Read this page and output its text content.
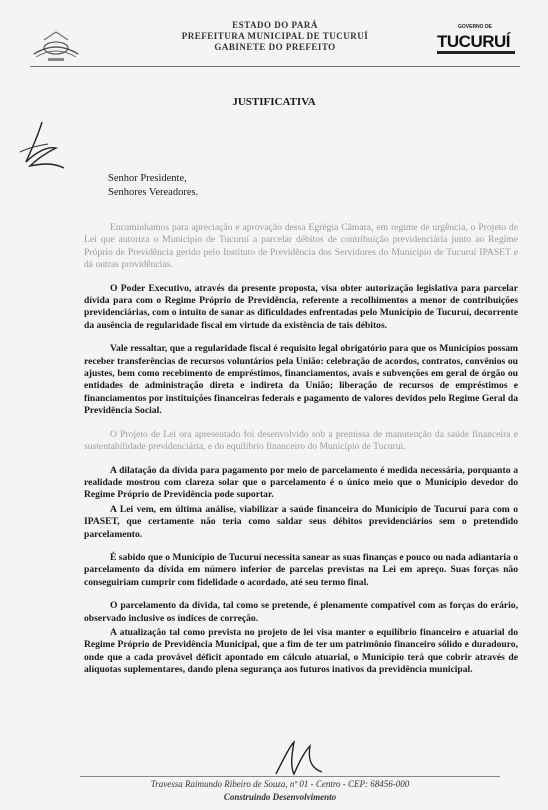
ESTADO DO PARÁ
PREFEITURA MUNICIPAL DE TUCURUÍ
GABINETE DO PREFEITO
GOVERNO DE
TUCURUÍ
JUSTIFICATIVA
Senhor Presidente,
Senhores Vereadores.

Encaminhamos para apreciação e aprovação dessa Egrégia Câmara, em regime de urgência, o Projeto de Lei que autoriza o Município de Tucuruí a parcelar débitos de contribuição previdenciária junto ao Regime Próprio de Previdência gerido pelo Instituto de Previdência dos Servidores do Município de Tucuruí IPASET e dá outras providências.

O Poder Executivo, através da presente proposta, visa obter autorização legislativa para parcelar dívida para com o Regime Próprio de Previdência, referente a recolhimentos a menor de contribuições previdenciárias, com o intuito de sanar as dificuldades enfrentadas pelo Município de Tucuruí, decorrente da ausência de regularidade fiscal em virtude da existência de tais débitos.

Vale ressaltar, que a regularidade fiscal é requisito legal obrigatório para que os Municípios possam receber transferências de recursos voluntários pela União: celebração de acordos, contratos, convênios ou ajustes, bem como recebimento de empréstimos, financiamentos, avais e subvenções em geral de órgão ou entidades de administração direta e indireta da União; liberação de recursos de empréstimos e financiamentos por instituições financeiras federais e pagamento de valores devidos pelo Regime Geral da Previdência Social.

O Projeto de Lei ora apresentado foi desenvolvido sob a premissa de manutenção da saúde financeira e sustentabilidade previdenciária, e do equilíbrio financeiro do Município de Tucuruí.

A dilatação da dívida para pagamento por meio de parcelamento é medida necessária, porquanto a realidade mostrou com clareza solar que o parcelamento é o único meio que o Município devedor do Regime Próprio de Previdência pode suportar.

A Lei vem, em última análise, viabilizar a saúde financeira do Município de Tucuruí para com o IPASET, que certamente não teria como saldar seus débitos previdenciários sem o pretendido parcelamento.

É sabido que o Município de Tucuruí necessita sanear as suas finanças e pouco ou nada adiantaria o parcelamento da dívida em número inferior de parcelas previstas na Lei em apreço. Suas forças não conseguiriam cumprir com fidelidade o acordado, até seu termo final.

O parcelamento da dívida, tal como se pretende, é plenamente compatível com as forças do erário, observado inclusive os índices de correção.

A atualização tal como prevista no projeto de lei visa manter o equilíbrio financeiro e atuarial do Regime Próprio de Previdência Municipal, que a fim de ter um patrimônio financeiro sólido e duradouro, onde que a cada provável déficit apontado em cálculo atuarial, o Município terá que cobrir através de alíquotas suplementares, dando plena segurança aos futuros inativos da previdência municipal.

Travessa Raimundo Ribeiro de Souza, nº 01 - Centro - CEP: 68456-000
Construindo Desenvolvimento
